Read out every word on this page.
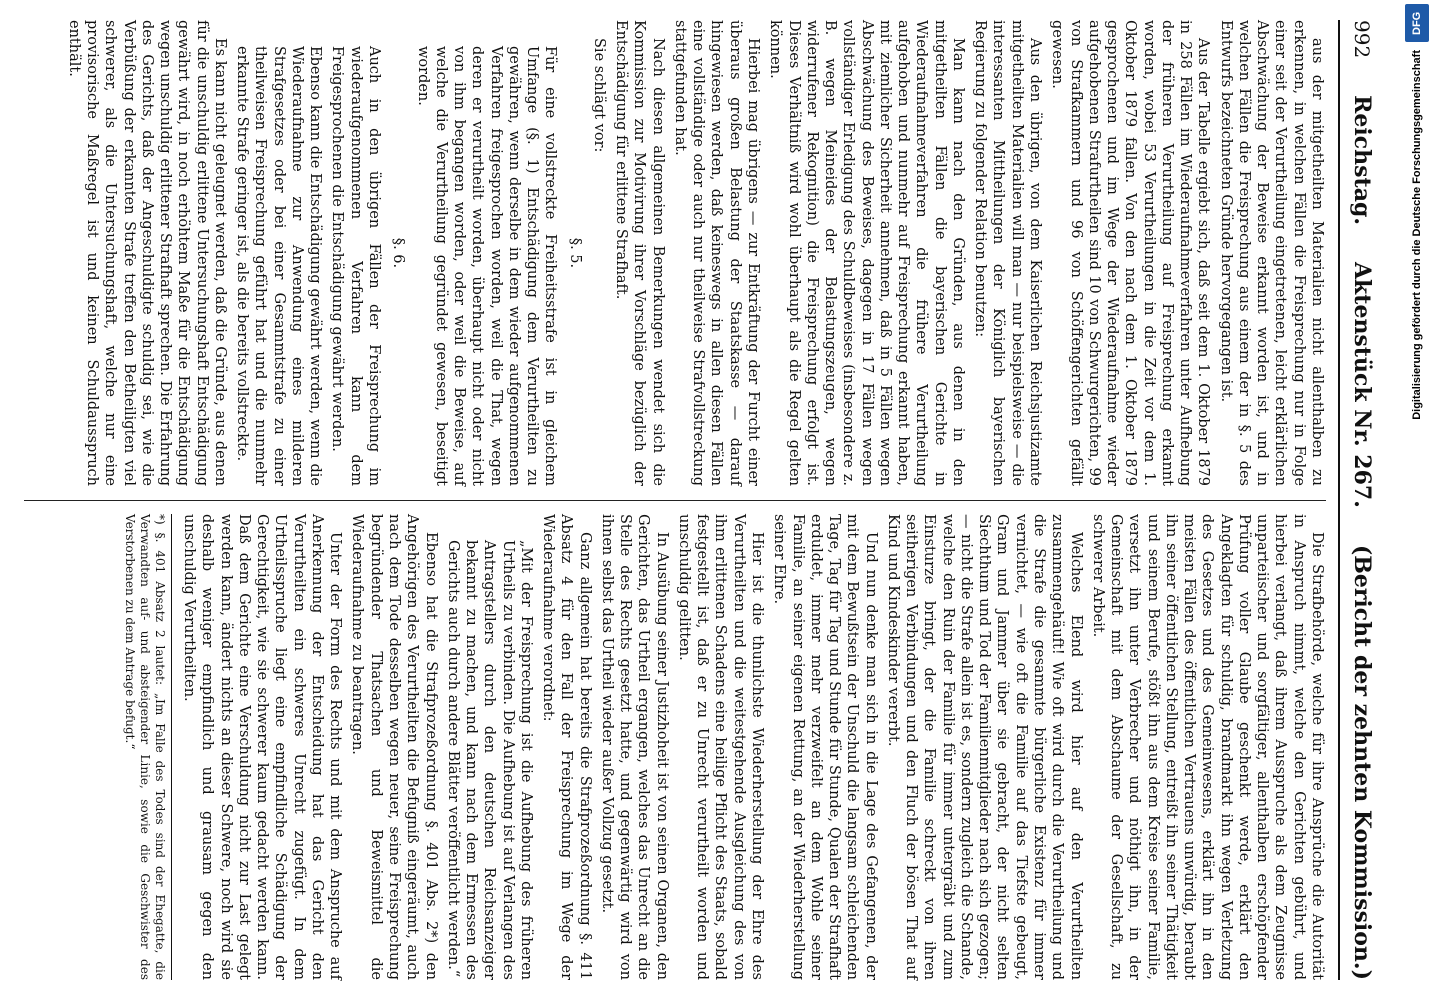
992
Reichstag.
Aktenstück Nr. 267.
(Bericht der zehnten Kommission.)

aus der mitgetheilten Materialien nicht allenthalben zu erkennen, in welchen Fällen die Freisprechung nur in Folge einer seit der Verurtheilung eingetretenen, leicht erklärlichen Abschwächung der Beweise erkannt worden ist, und in welchen Fällen die Freisprechung aus einem der in §. 5 des Entwurfs bezeichneten Gründe hervorgegangen ist.

Aus der Tabelle ergiebt sich, daß seit dem 1. Oktober 1879 in 258 Fällen im Wiederaufnahmeverfahren unter Aufhebung der früheren Verurtheilung auf Freisprechung erkannt worden, wobei 53 Verurtheilungen in die Zeit vor dem 1. Oktober 1879 fallen. Von den nach dem 1. Oktober 1879 gesprochenen und im Wege der Wiederaufnahme wieder aufgehobenen Strafurtheilen sind 10 von Schwurgerichten, 99 von Strafkammern und 96 von Schöffengerichten gefällt gewesen.

Aus den übrigen, von dem Kaiserlichen Reichsjustizamte mitgetheilten Materialien will man — nur beispielsweise — die interessanten Mittheilungen der Königlich bayerischen Regierung zu folgender Relation benutzen:

Man kann nach den Gründen, aus denen in den mitgetheilten Fällen die bayerischen Gerichte in Wiederaufnahmeverfahren die frühere Verurtheilung aufgehoben und nunmehr auf Freisprechung erkannt haben, mit ziemlicher Sicherheit annehmen, daß in 5 Fällen wegen Abschwächung des Beweises, dagegen in 17 Fällen wegen vollständiger Erledigung des Schuldbeweises (insbesondere z. B. wegen Meineides der Belastungszeugen, wegen widerrufener Rekognition) die Freisprechung erfolgt ist. Dieses Verhältniß wird wohl überhaupt als die Regel gelten können.

Hierbei mag übrigens — zur Entkräftung der Furcht einer überaus großen Belastung der Staatskasse — darauf hingewiesen werden, daß keineswegs in allen diesen Fällen eine vollständige oder auch nur theilweise Strafvollstreckung stattgefunden hat.

Nach diesen allgemeinen Bemerkungen wendet sich die Kommission zur Motivirung ihrer Vorschläge bezüglich der Entschädigung für erlittene Strafhaft.

Sie schlägt vor:

§. 5.

Für eine vollstreckte Freiheitsstrafe ist in gleichem Umfange (§. 1) Entschädigung dem Verurtheilten zu gewähren, wenn derselbe in dem wieder aufgenommenen Verfahren freigesprochen worden, weil die That, wegen deren er verurtheilt worden, überhaupt nicht oder nicht von ihm begangen worden, oder weil die Beweise, auf welche die Verurtheilung gegründet gewesen, beseitigt worden.

§. 6.

Auch in den übrigen Fällen der Freisprechung im wiederaufgenommenen Verfahren kann dem Freigesprochenen die Entschädigung gewährt werden.

Ebenso kann die Entschädigung gewährt werden, wenn die Wiederaufnahme zur Anwendung eines milderen Strafgesetzes oder bei einer Gesammtstrafe zu einer theilweisen Freisprechung geführt hat und die nunmehr erkannte Strafe geringer ist, als die bereits vollstreckte.

Es kann nicht geleugnet werden, daß die Gründe, aus denen für die unschuldig erlittene Untersuchungshaft Entschädigung gewährt wird, in noch erhöhtem Maße für die Entschädigung wegen unschuldig erlittener Strafhaft sprechen. Die Erfahrung des Gerichts, daß der Angeschuldigte schuldig sei, wie die Verbüßung der erkannten Strafe treffen den Betheiligten viel schwerer, als die Untersuchungshaft, welche nur eine provisorische Maßregel ist und keinen Schuldausspruch enthält.

Die Strafbehörde, welche für ihre Ansprüche die Autorität in Anspruch nimmt, welche den Gerichten gebührt, und hierbei verlangt, daß ihrem Ausspruche als dem Zeugnisse unparteiischer und sorgfältiger, allenthalben erschöpfender Prüfung voller Glaube geschenkt werde, erklärt den Angeklagten für schuldig, brandmarkt ihn wegen Verletzung des Gesetzes und des Gemeinwesens, erklärt ihn in den meisten Fällen des öffentlichen Vertrauens unwürdig, beraubt ihn seiner öffentlichen Stellung, entreißt ihn seiner Thätigkeit und seinem Berufe, stößt ihn aus dem Kreise seiner Familie, versetzt ihn unter Verbrecher und nöthigt ihn, in der Gemeinschaft mit dem Abschaume der Gesellschaft, zu schwerer Arbeit.

Welches Elend wird hier auf den Verurtheilten zusammengehäuft! Wie oft wird durch die Verurtheilung und die Strafe die gesammte bürgerliche Existenz für immer vernichtet, — wie oft die Familie auf das Tiefste gebeugt, Gram und Jammer über sie gebracht, der nicht selten Siechthum und Tod der Familienmitglieder nach sich gezogen; — nicht die Strafe allein ist es, sondern zugleich die Schande, welche den Ruin der Familie für immer untergräbt und zum Einsturze bringt, der die Familie schreckt von ihren seitherigen Verbindungen und den Fluch der bösen That auf Kind und Kindeskinder vererbt.

Und nun denke man sich in die Lage des Gefangenen, der mit dem Bewußtsein der Unschuld die langsam schleichenden Tage, Tag für Tag und Stunde für Stunde, Qualen der Strafhaft erduldet, immer mehr verzweifelt an dem Wohle seiner Familie, an seiner eigenen Rettung, an der Wiederherstellung seiner Ehre.

Hier ist die thunlichste Wiederherstellung der Ehre des Verurtheilten und die weitestgehende Ausgleichung des von ihm erlittenen Schadens eine heilige Pflicht des Staats, sobald festgestellt ist, daß er zu Unrecht verurtheilt worden und unschuldig gelitten.

In Ausübung seiner Justizhoheit ist von seinen Organen, den Gerichten, das Urtheil ergangen, welches das Unrecht an die Stelle des Rechts gesetzt hatte, und gegenwärtig wird von ihnen selbst das Urtheil wieder außer Vollzug gesetzt.

Ganz allgemein hat bereits die Strafprozeßordnung §. 411 Absatz 4 für den Fall der Freisprechung im Wege der Wiederaufnahme verordnet:

„Mit der Freisprechung ist die Aufhebung des früheren Urtheils zu verbinden. Die Aufhebung ist auf Verlangen des Antragstellers durch den deutschen Reichsanzeiger bekannt zu machen, und kann nach dem Ermessen des Gerichts auch durch andere Blätter veröffentlicht werden.“

Ebenso hat die Strafprozeßordnung §. 401 Abs. 2*) den Angehörigen des Verurtheilten die Befugniß eingeräumt, auch nach dem Tode desselben wegen neuer, seine Freisprechung begründender Thatsachen und Beweismittel die Wiederaufnahme zu beantragen.

Unter der Form des Rechts und mit dem Anspruche auf Anerkennung der Entscheidung hat das Gericht den Verurtheilten ein schweres Unrecht zugefügt. In dem Urtheilsspruche liegt eine empfindliche Schädigung der Gerechtigkeit, wie sie schwerer kaum gedacht werden kann. Daß dem Gerichte eine Verschuldung nicht zur Last gelegt werden kann, ändert nichts an dieser Schwere, noch wird sie deshalb weniger empfindlich und grausam gegen den unschuldig Verurtheilten.

*) §. 401 Absatz 2 lautet: „Im Falle des Todes sind der Ehegatte, die Verwandten auf- und absteigender Linie, sowie die Geschwister des Verstorbenen zu dem Antrage befugt.“
DFG
Digitalisierung gefördert durch die Deutsche Forschungsgemeinschaft
